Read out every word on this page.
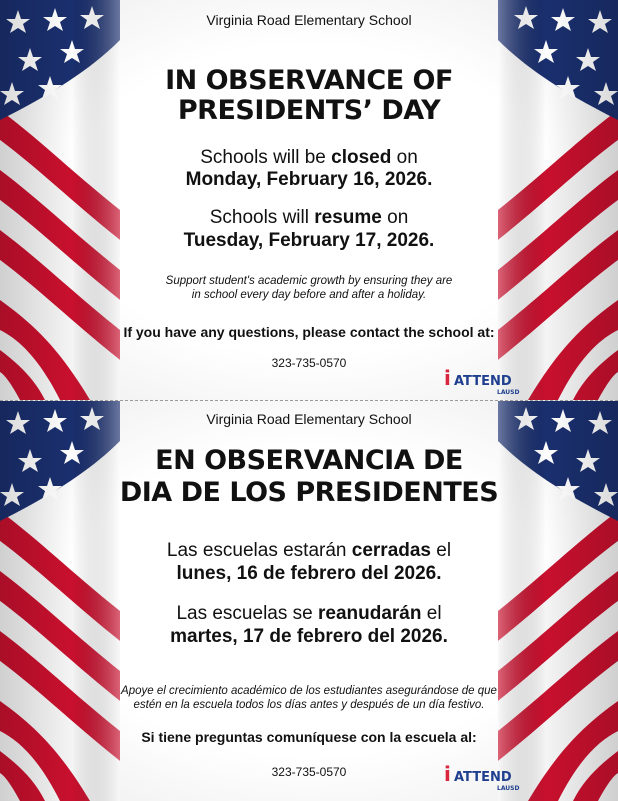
Virginia Road Elementary School
IN OBSERVANCE OF
PRESIDENTS’ DAY
Schools will be closed on
Monday, February 16, 2026.
Schools will resume on
Tuesday, February 17, 2026.
Support student's academic growth by ensuring they are
in school every day before and after a holiday.
If you have any questions, please contact the school at:
323-735-0570
i ATTEND
LAUSD
Virginia Road Elementary School
EN OBSERVANCIA DE
DIA DE LOS PRESIDENTES
Las escuelas estarán cerradas el
lunes, 16 de febrero del 2026.
Las escuelas se reanudarán el
martes, 17 de febrero del 2026.
Apoye el crecimiento académico de los estudiantes asegurándose de que
estén en la escuela todos los días antes y después de un día festivo.
Si tiene preguntas comuníquese con la escuela al:
323-735-0570	i ATTEND
LAUSD
